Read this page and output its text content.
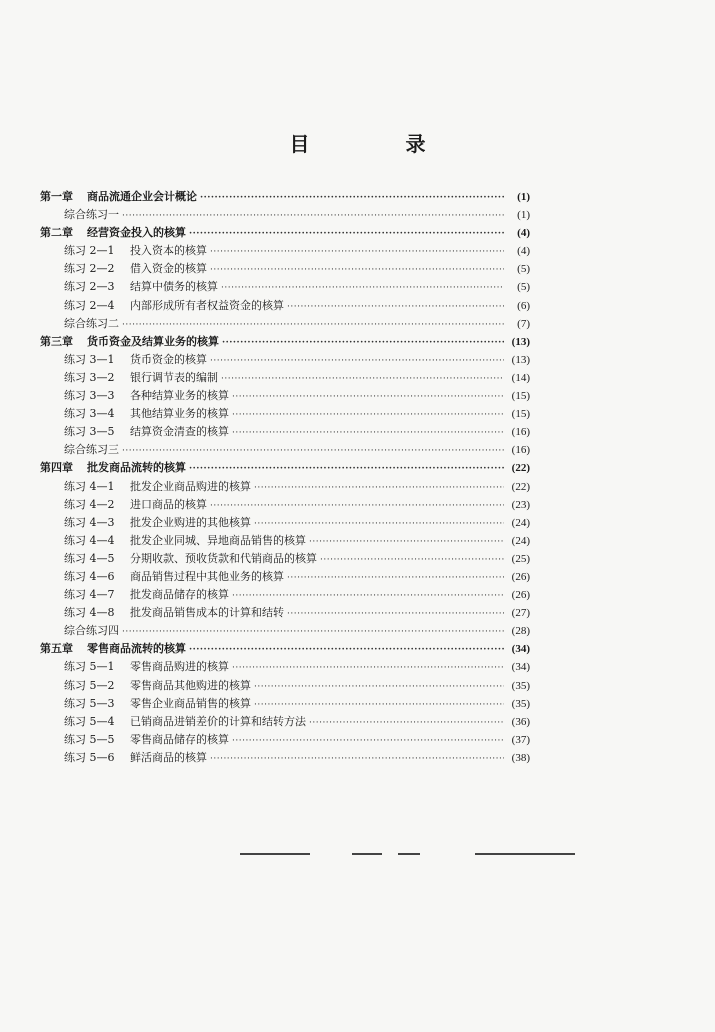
目　录
第一章	商品流通企业会计概论 ·····	(1)
综合练习一 ·····	(1)
第二章	经营资金投入的核算 ·····	(4)
练习 2—1	投入资本的核算 ·····	(4)
练习 2—2	借入资金的核算 ·····	(5)
练习 2—3	结算中债务的核算 ·····	(5)
练习 2—4	内部形成所有者权益资金的核算 ·····	(6)
综合练习二 ·····	(7)
第三章	货币资金及结算业务的核算 ·····	(13)
练习 3—1	货币资金的核算 ·····	(13)
练习 3—2	银行调节表的编制 ·····	(14)
练习 3—3	各种结算业务的核算 ·····	(15)
练习 3—4	其他结算业务的核算 ·····	(15)
练习 3—5	结算资金清查的核算 ·····	(16)
综合练习三 ·····	(16)
第四章	批发商品流转的核算 ·····	(22)
练习 4—1	批发企业商品购进的核算 ·····	(22)
练习 4—2	进口商品的核算 ·····	(23)
练习 4—3	批发企业购进的其他核算 ·····	(24)
练习 4—4	批发企业同城、异地商品销售的核算 ·····	(24)
练习 4—5	分期收款、预收货款和代销商品的核算 ·····	(25)
练习 4—6	商品销售过程中其他业务的核算 ·····	(26)
练习 4—7	批发商品储存的核算 ·····	(26)
练习 4—8	批发商品销售成本的计算和结转 ·····	(27)
综合练习四 ·····	(28)
第五章	零售商品流转的核算 ·····	(34)
练习 5—1	零售商品购进的核算 ·····	(34)
练习 5—2	零售商品其他购进的核算 ·····	(35)
练习 5—3	零售企业商品销售的核算 ·····	(35)
练习 5—4	已销商品进销差价的计算和结转方法 ·····	(36)
练习 5—5	零售商品储存的核算 ·····	(37)
练习 5—6	鲜活商品的核算 ·····	(38)
